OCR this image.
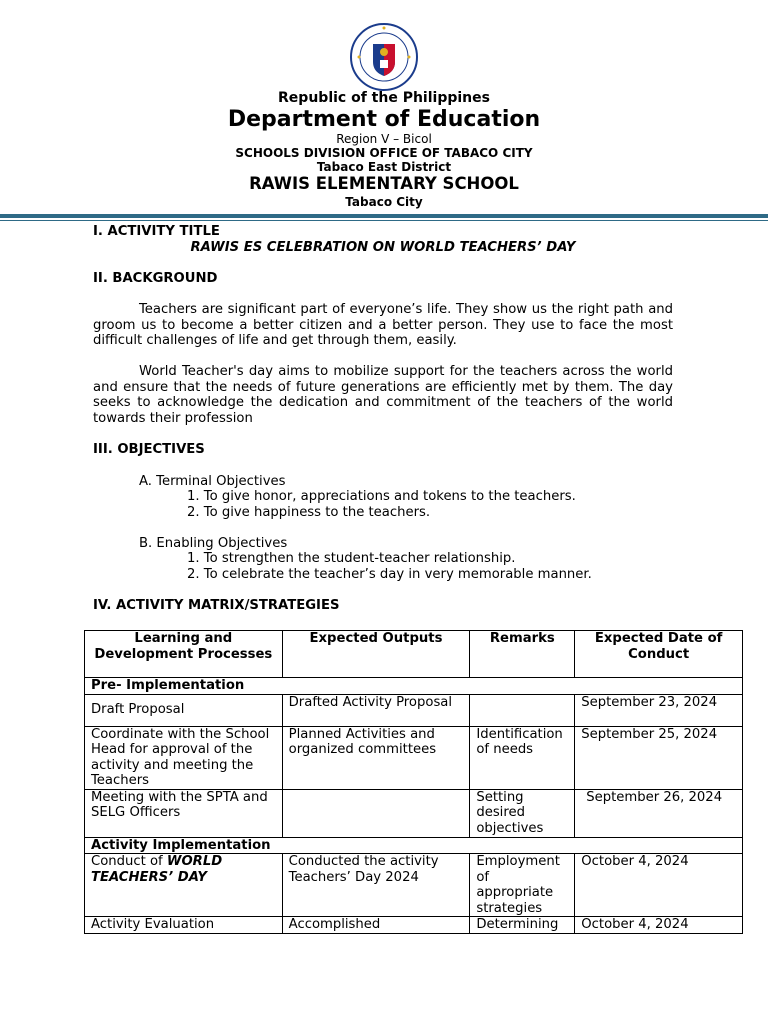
Republic of the Philippines
Department of Education
Region V – Bicol
SCHOOLS DIVISION OFFICE OF TABACO CITY
Tabaco East District
RAWIS ELEMENTARY SCHOOL
Tabaco City
I. ACTIVITY TITLE
RAWIS ES CELEBRATION ON WORLD TEACHERS’ DAY
II. BACKGROUND

Teachers are significant part of everyone’s life. They show us the right path and groom us to become a better citizen and a better person. They use to face the most difficult challenges of life and get through them, easily.

World Teacher's day aims to mobilize support for the teachers across the world and ensure that the needs of future generations are efficiently met by them. The day seeks to acknowledge the dedication and commitment of the teachers of the world towards their profession

III. OBJECTIVES
A. Terminal Objectives
1. To give honor, appreciations and tokens to the teachers.
2. To give happiness to the teachers.
B. Enabling Objectives
1. To strengthen the student-teacher relationship.
2. To celebrate the teacher’s day in very memorable manner.
IV. ACTIVITY MATRIX/STRATEGIES
Learning and Development Processes	Expected Outputs	Remarks	Expected Date of Conduct
Pre- Implementation			
Draft Proposal	Drafted Activity Proposal		September 23, 2024
Coordinate with the School Head for approval of the activity and meeting the Teachers	Planned Activities and organized committees	Identification of needs	September 25, 2024
Meeting with the SPTA and SELG Officers		Setting desired objectives	September 26, 2024
Activity Implementation			
Conduct of WORLD TEACHERS’ DAY	Conducted the activity Teachers’ Day 2024	Employment of appropriate strategies	October 4, 2024
Activity Evaluation	Accomplished	Determining	October 4, 2024
